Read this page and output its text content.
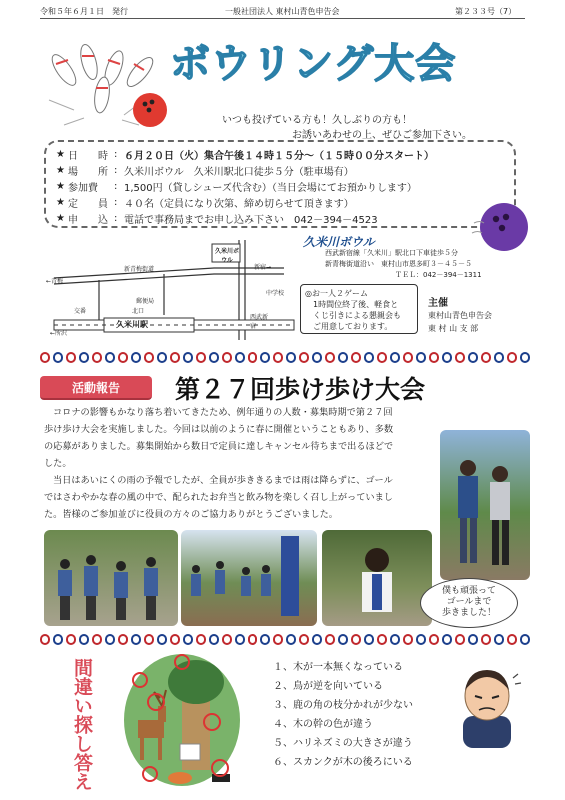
令和５年６月１日　発行	一般社団法人 東村山青色申告会	第２３３号（7）
ボウリング大会
いつも投げている方も！久しぶりの方も！
お誘いあわせの上、ぜひご参加下さい。
★ 日　　時 : ６月２０日（火）集合午後１４時１５分～（１５時００分スタート）
★ 場　　所 : 久米川ボウル　久米川駅北口徒歩５分（駐車場有）
★ 参加費	: 1,500円（貸しシューズ代含む）（当日会場にてお預かりします）
★ 定　　員 : ４０名（定員になり次第、締め切らせて頂きます）
★ 申　　込 : 電話で事務局までお申し込み下さい　042－394－4523
久米川ボウル
新青梅街道
←青梅
新宿→
中学校
郵便局
北口
交番
久米川駅
←所沢
西武新宿
久米川ボウル
西武新宿線「久米川」駅北口下車徒歩５分
新青梅街道沿い　東村山市恩多町３－４５－５
ＴＥＬ：042－394－1311
◎お一人２ゲーム
1時間位終了後、軽食と
くじ引きによる懇親会も
ご用意しております。
主催
東村山青色申告会
東 村 山 支 部
活動報告	第２７回歩け歩け大会
コロナの影響もかなり落ち着いてきたため、例年通りの人数・募集時期で第２７回
歩け歩け大会を実施しました。今回は以前のように春に開催ということもあり、多数
の応募がありました。募集開始から数日で定員に達しキャンセル待ちまで出るほどで
した。
当日はあいにくの雨の予報でしたが、全員が歩ききるまでは雨は降らずに、ゴール
ではさわやかな春の風の中で、配られたお弁当と飲み物を楽しく召し上がっていまし
た。皆様のご参加並びに役員の方々のご協力ありがとうございました。
僕も頑張って
ゴールまで
歩きました！
間違い探し答え	１、木が一本無くなっている
２、鳥が逆を向いている
３、鹿の角の枝分かれが少ない
４、木の幹の色が違う
５、ハリネズミの大きさが違う
６、スカンクが木の後ろにいる
